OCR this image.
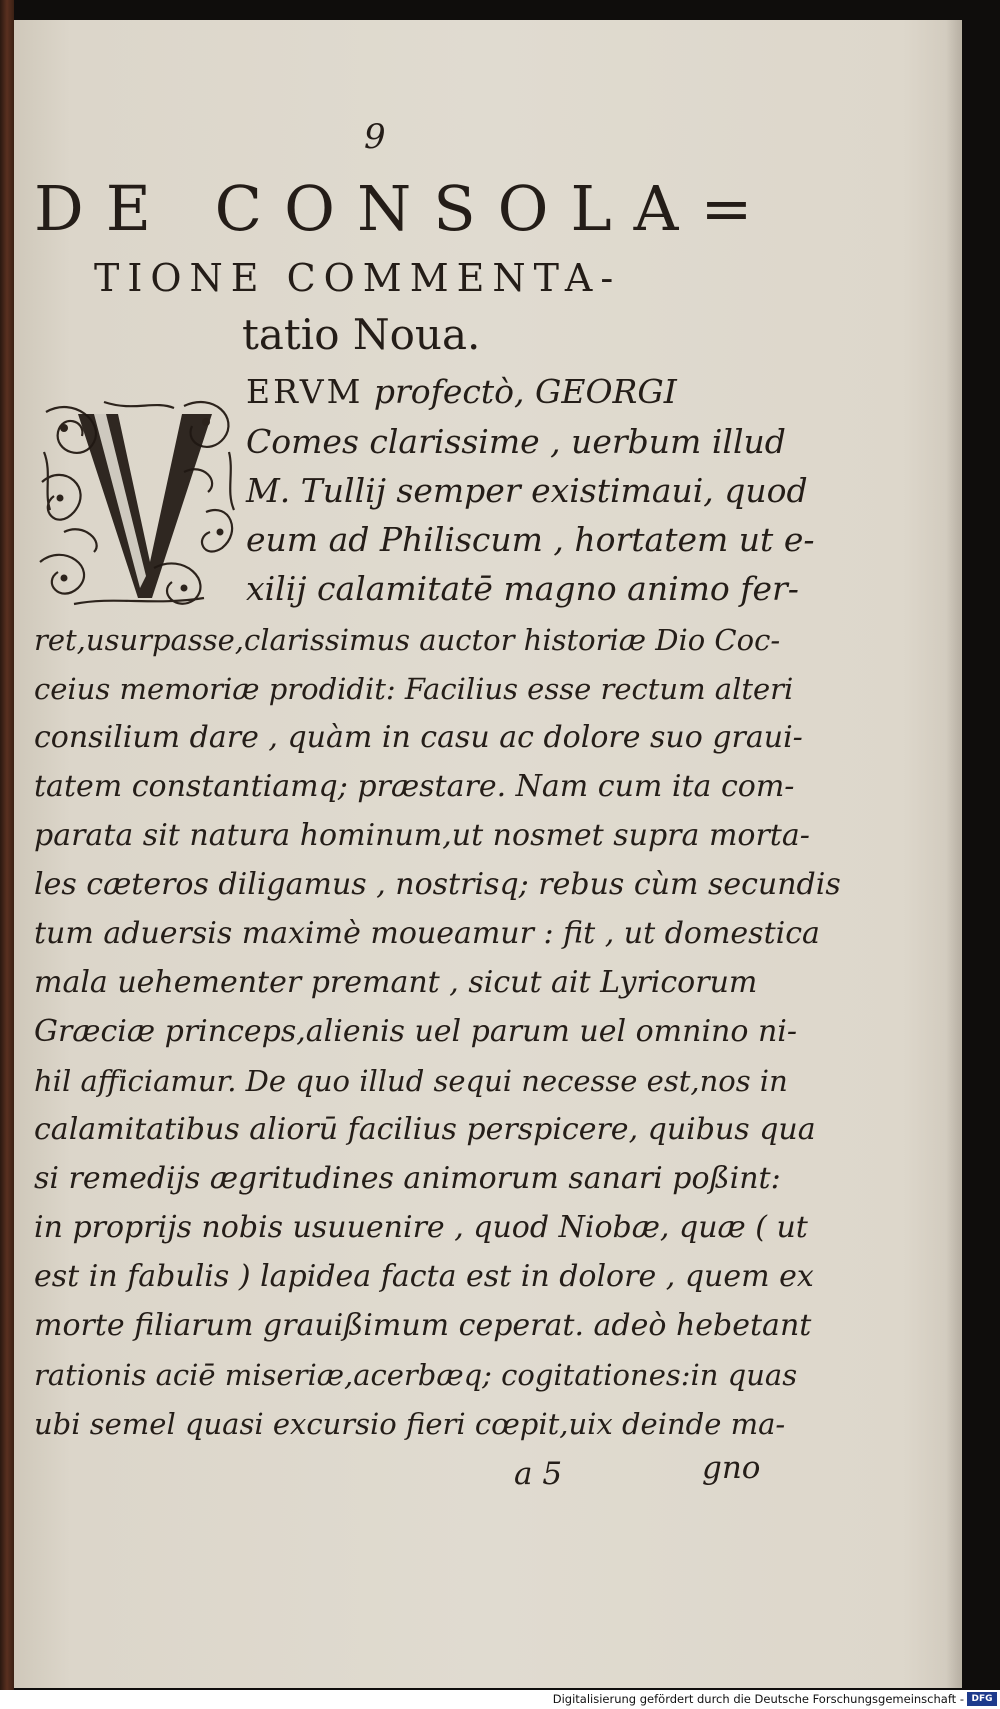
9
DE CONSOLA=
TIONE COMMENTA-
tatio Noua.
ERVM profectò, GEORGI
Comes clarissime , uerbum illud
M. Tullij semper existimaui, quod
eum ad Philiscum , hortatem ut e-
xilij calamitatē magno animo fer-
ret,usurpasse,clarissimus auctor historiæ Dio Coc-
ceius memoriæ prodidit: Facilius esse rectum alteri
consilium dare , quàm in casu ac dolore suo graui-
tatem constantiamq; præstare. Nam cum ita com-
parata sit natura hominum,ut nosmet supra morta-
les cæteros diligamus , nostrisq; rebus cùm secundis
tum aduersis maximè moueamur : fit , ut domestica
mala uehementer premant , sicut ait Lyricorum
Græciæ princeps,alienis uel parum uel omnino ni-
hil afficiamur. De quo illud sequi necesse est,nos in
calamitatibus aliorū facilius perspicere, quibus qua
si remedijs ægritudines animorum sanari poßint:
in proprijs nobis usuuenire , quod Niobæ, quæ ( ut
est in fabulis ) lapidea facta est in dolore , quem ex
morte filiarum grauißimum ceperat. adeò hebetant
rationis aciē miseriæ,acerbæq; cogitationes:in quas
ubi semel quasi excursio fieri cœpit,uix deinde ma-
a 5	gno
Digitalisierung gefördert durch die Deutsche Forschungsgemeinschaft - DFG
